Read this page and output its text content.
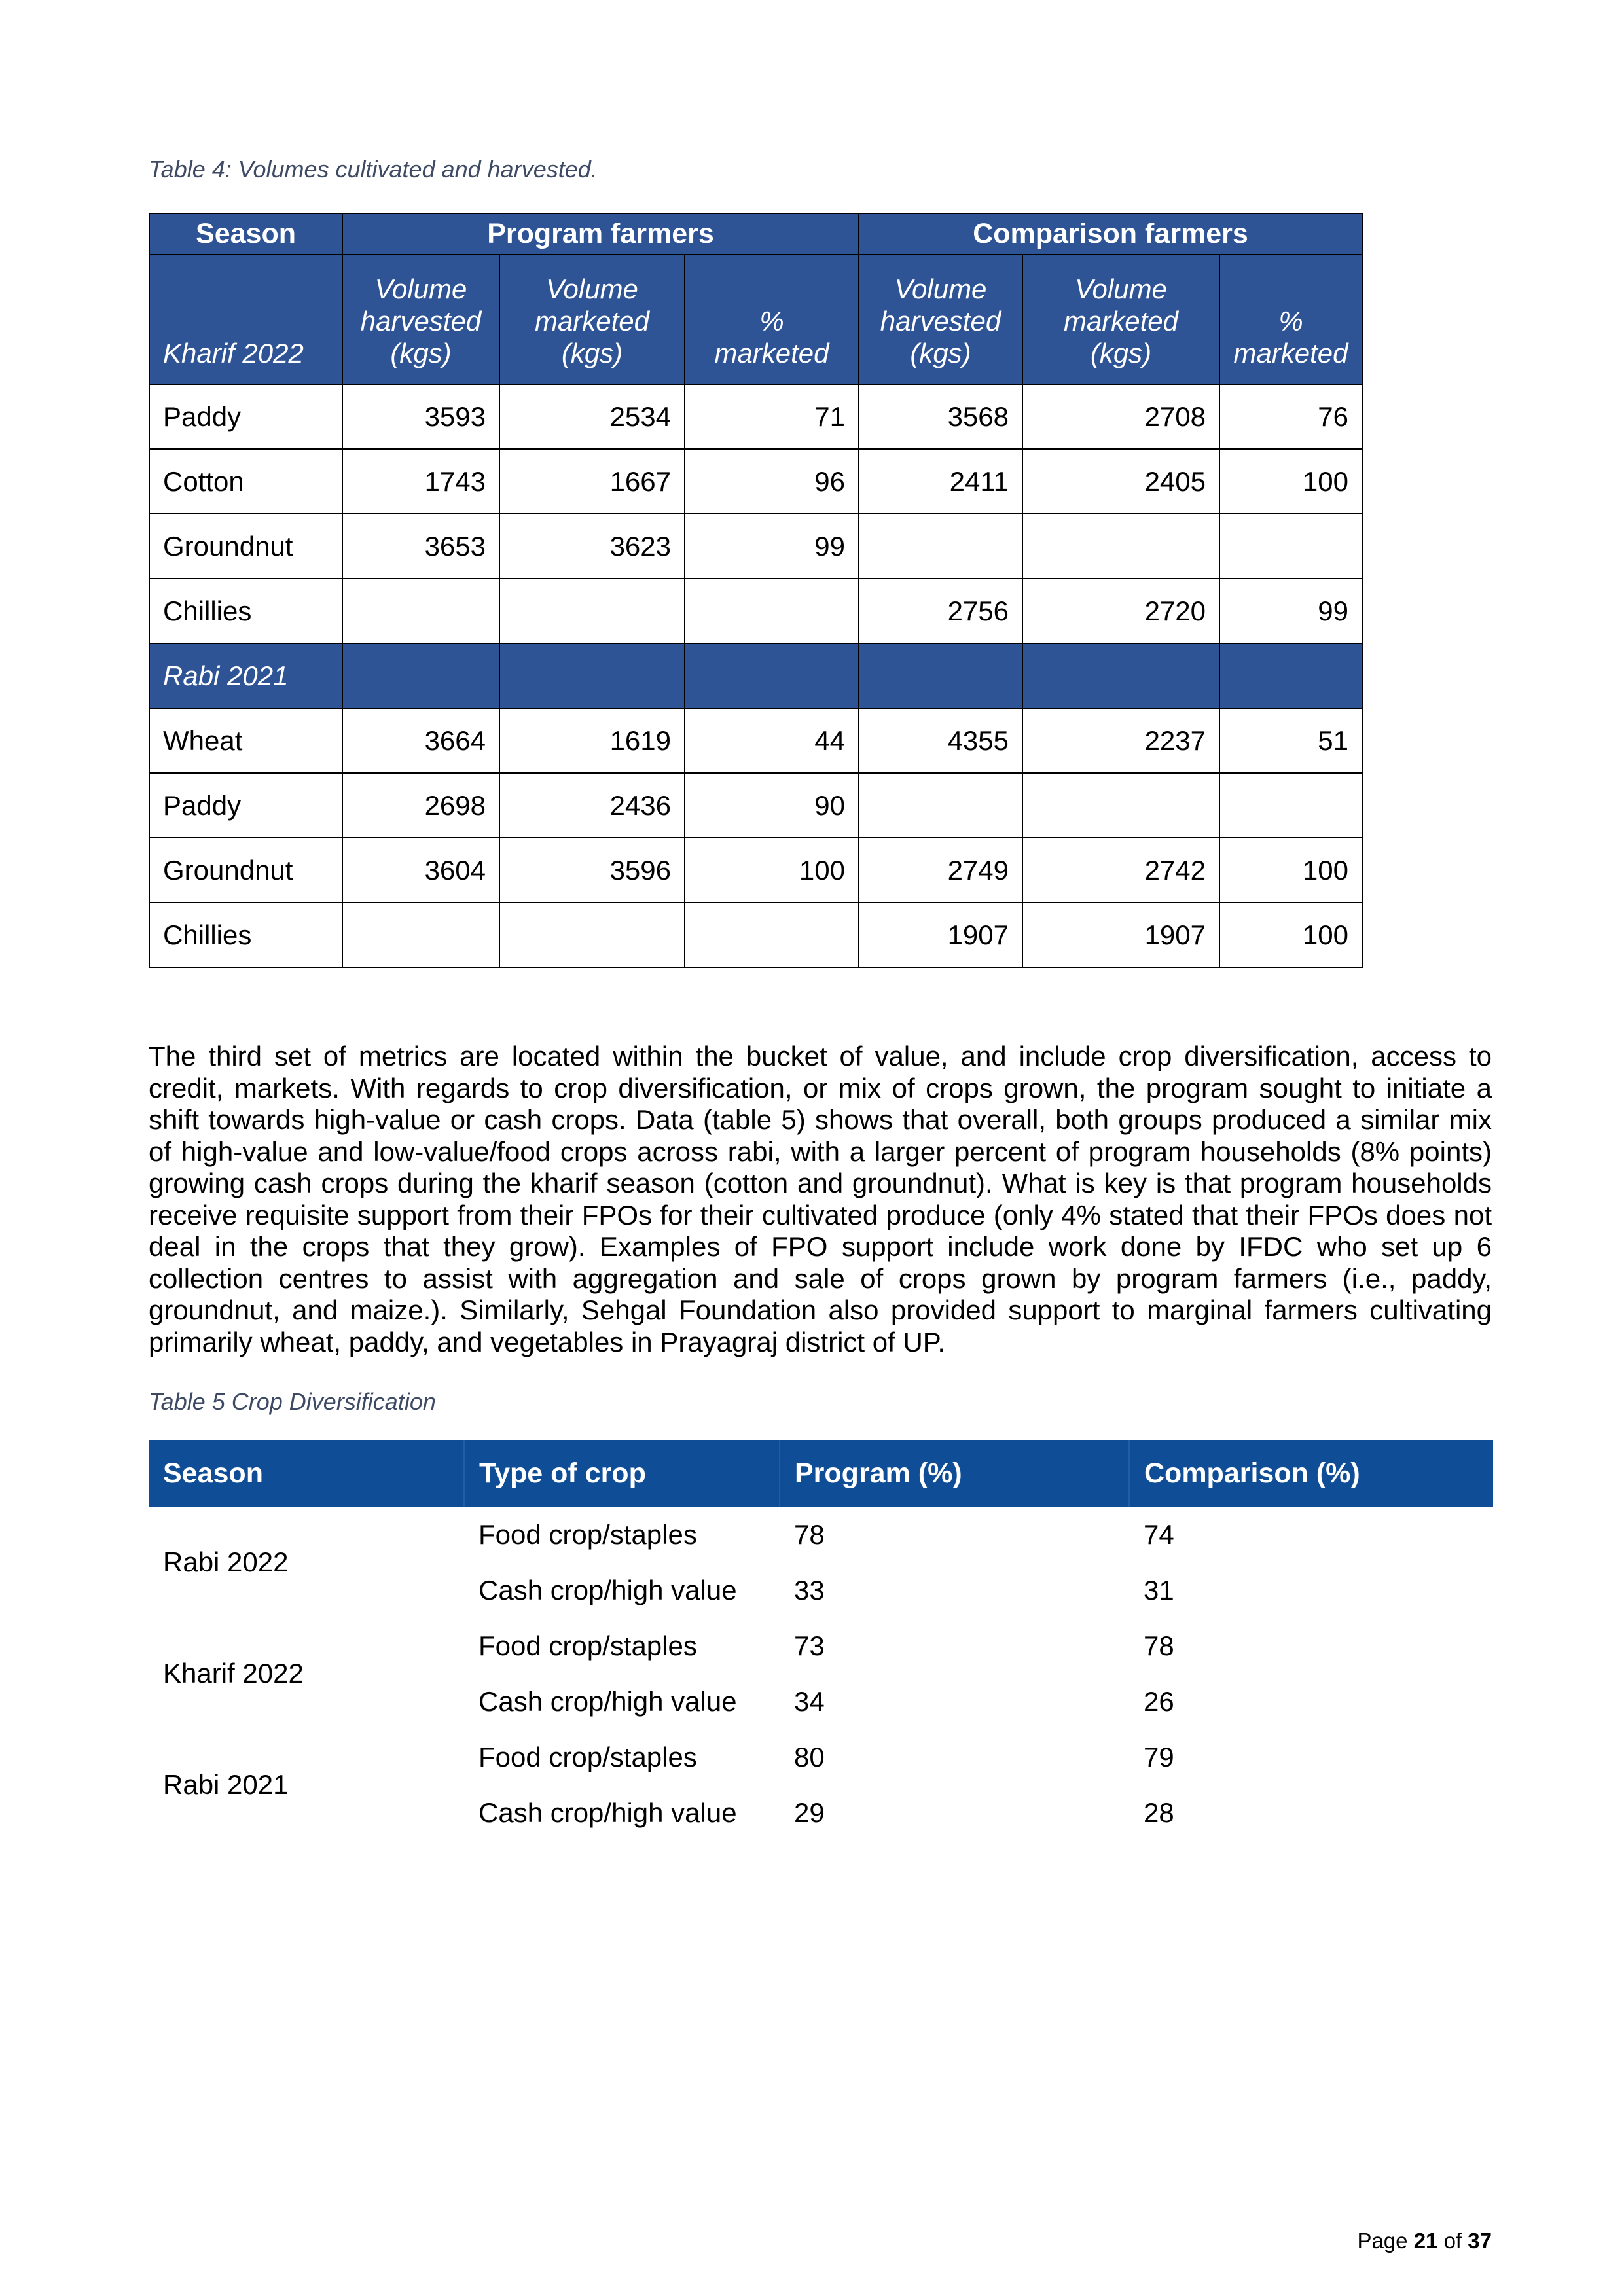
Table 4: Volumes cultivated and harvested.
Season	Program farmers			Comparison farmers		
Kharif 2022	Volume harvested (kgs)	Volume marketed (kgs)	% marketed	Volume harvested (kgs)	Volume marketed (kgs)	% marketed
Paddy	3593	2534	71	3568	2708	76
Cotton	1743	1667	96	2411	2405	100
Groundnut	3653	3623	99			
Chillies				2756	2720	99
Rabi 2021						
Wheat	3664	1619	44	4355	2237	51
Paddy	2698	2436	90			
Groundnut	3604	3596	100	2749	2742	100
Chillies				1907	1907	100
The third set of metrics are located within the bucket of value, and include crop diversification, access to credit, markets. With regards to crop diversification, or mix of crops grown, the program sought to initiate a shift towards high-value or cash crops. Data (table 5) shows that overall, both groups produced a similar mix of high-value and low-value/food crops across rabi, with a larger percent of program households (8% points) growing cash crops during the kharif season (cotton and groundnut). What is key is that program households receive requisite support from their FPOs for their cultivated produce (only 4% stated that their FPOs does not deal in the crops that they grow). Examples of FPO support include work done by IFDC who set up 6 collection centres to assist with aggregation and sale of crops grown by program farmers (i.e., paddy, groundnut, and maize.). Similarly, Sehgal Foundation also provided support to marginal farmers cultivating primarily wheat, paddy, and vegetables in Prayagraj district of UP.
Table 5 Crop Diversification
Season	Type of crop	Program (%)	Comparison (%)
Rabi 2022	Food crop/staples	78	74
	Cash crop/high value	33	31
Kharif 2022	Food crop/staples	73	78
	Cash crop/high value	34	26
Rabi 2021	Food crop/staples	80	79
	Cash crop/high value	29	28
Page 21 of 37
